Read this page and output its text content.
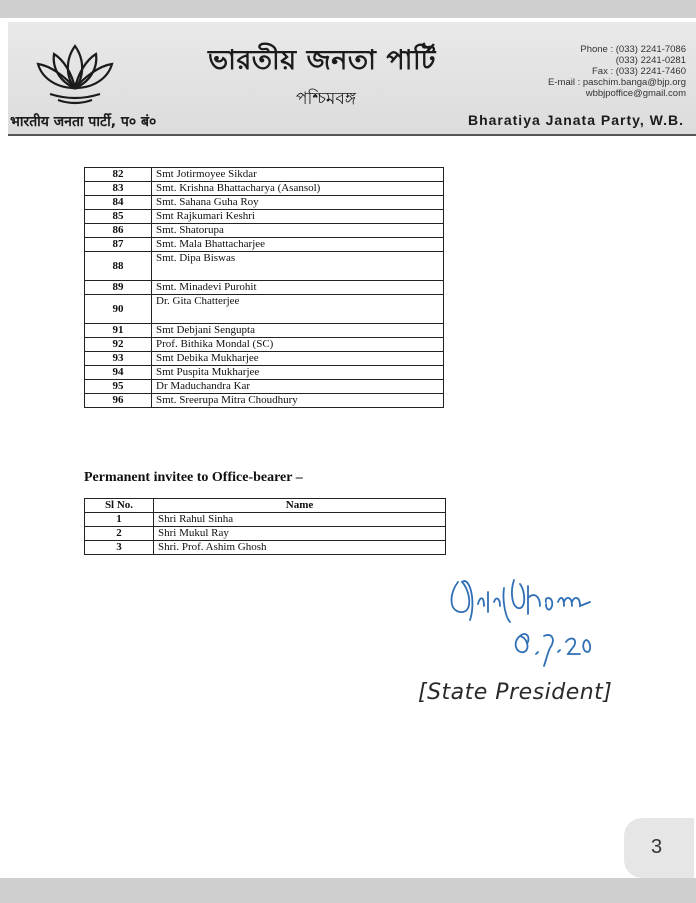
ভারতীয় জনতা পার্টি
পশ্চিমবঙ্গ
Phone : (033) 2241-7086
(033) 2241-0281
Fax : (033) 2241-7460
E-mail : paschim.banga@bjp.org
wbbjpoffice@gmail.com
भारतीय जनता पार्टी, प० बं०	Bharatiya Janata Party, W.B.
82	Smt Jotirmoyee Sikdar
83	Smt. Krishna Bhattacharya (Asansol)
84	Smt. Sahana Guha Roy
85	Smt Rajkumari Keshri
86	Smt. Shatorupa
87	Smt. Mala Bhattacharjee
88	Smt. Dipa Biswas
89	Smt. Minadevi Purohit
90	Dr. Gita Chatterjee
91	Smt Debjani Sengupta
92	Prof. Bithika Mondal (SC)
93	Smt Debika Mukharjee
94	Smt Puspita Mukharjee
95	Dr Maduchandra Kar
96	Smt. Sreerupa Mitra Choudhury
Permanent invitee to Office-bearer –
Sl No.	Name
1	Shri Rahul Sinha
2	Shri Mukul Ray
3	Shri. Prof. Ashim Ghosh
[State President]
3
